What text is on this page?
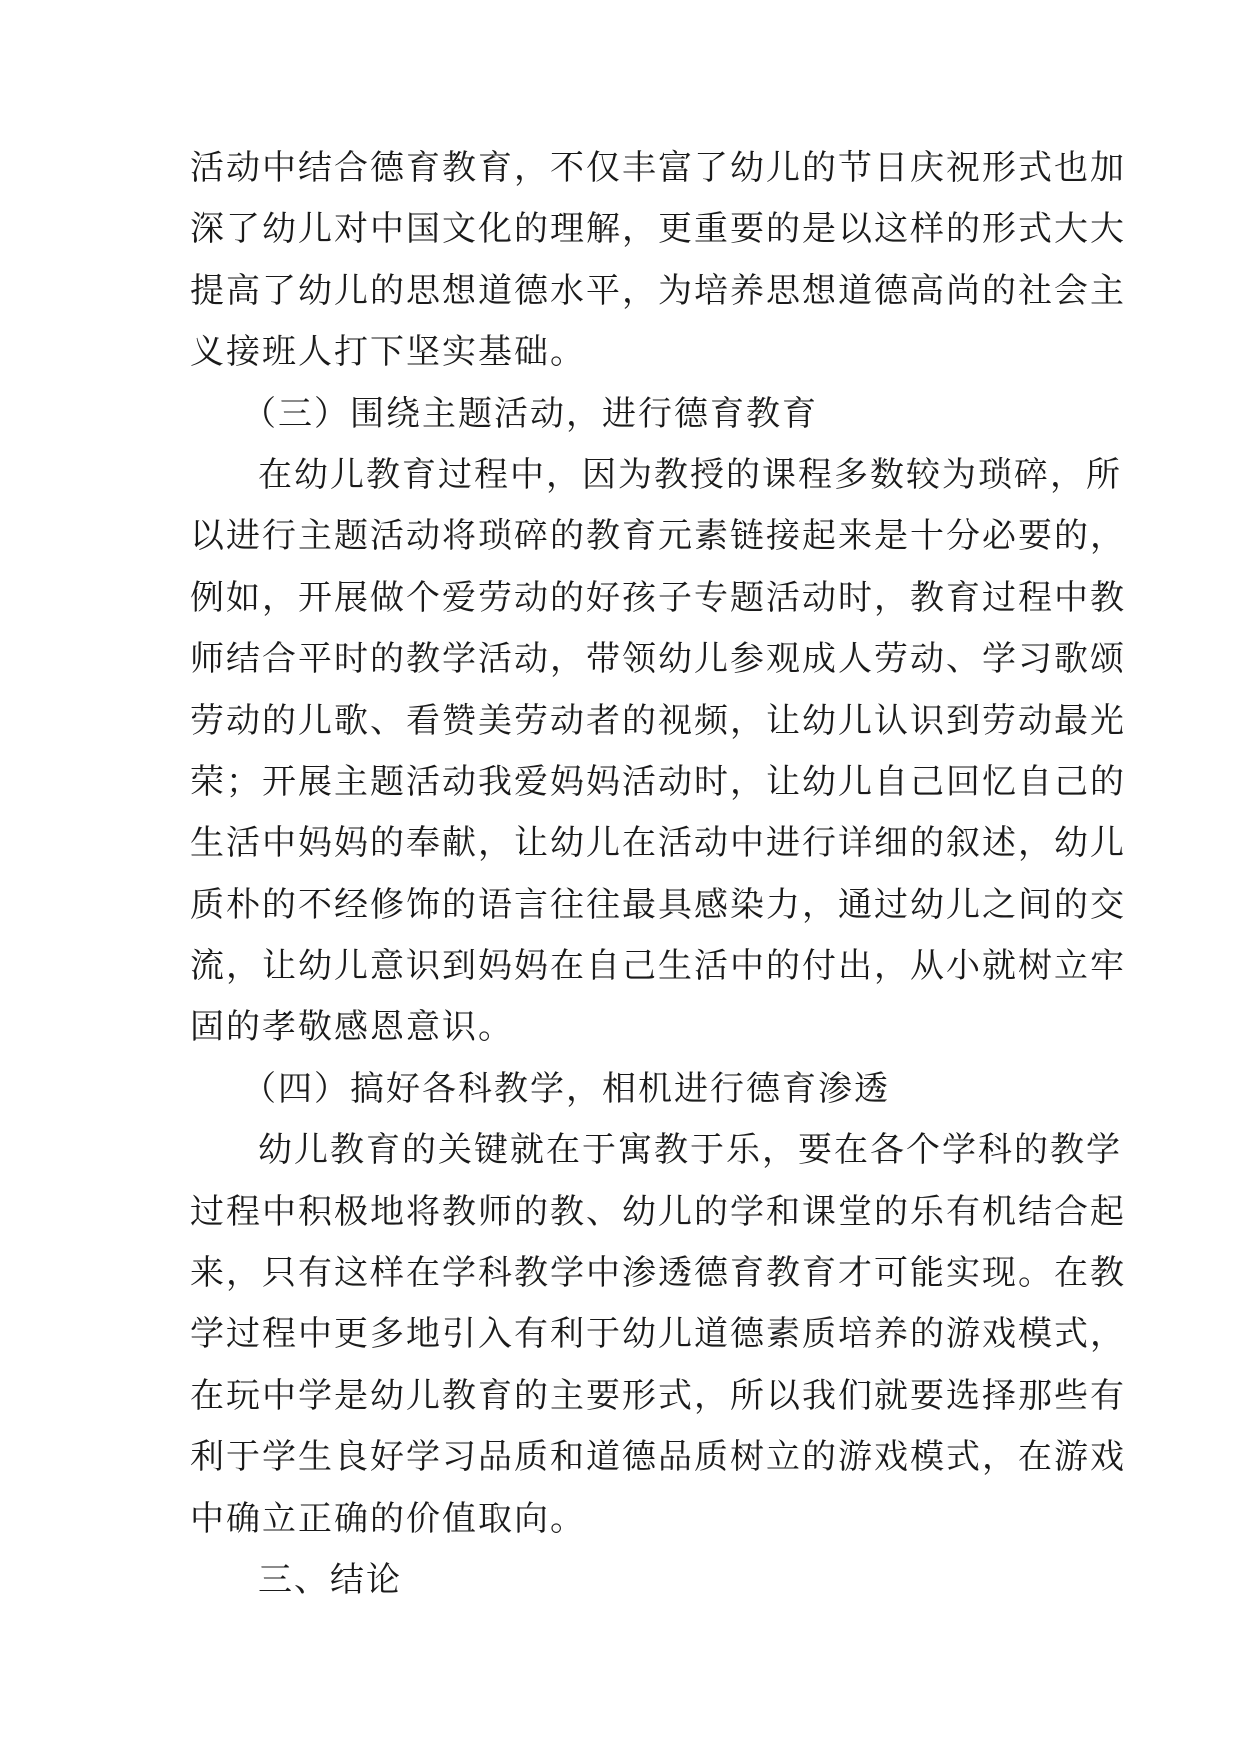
活动中结合德育教育，不仅丰富了幼儿的节日庆祝形式也加
深了幼儿对中国文化的理解，更重要的是以这样的形式大大
提高了幼儿的思想道德水平，为培养思想道德高尚的社会主
义接班人打下坚实基础。
（三）围绕主题活动，进行德育教育
在幼儿教育过程中，因为教授的课程多数较为琐碎，所
以进行主题活动将琐碎的教育元素链接起来是十分必要的，
例如，开展做个爱劳动的好孩子专题活动时，教育过程中教
师结合平时的教学活动，带领幼儿参观成人劳动、学习歌颂
劳动的儿歌、看赞美劳动者的视频，让幼儿认识到劳动最光
荣；开展主题活动我爱妈妈活动时，让幼儿自己回忆自己的
生活中妈妈的奉献，让幼儿在活动中进行详细的叙述，幼儿
质朴的不经修饰的语言往往最具感染力，通过幼儿之间的交
流，让幼儿意识到妈妈在自己生活中的付出，从小就树立牢
固的孝敬感恩意识。
（四）搞好各科教学，相机进行德育渗透
幼儿教育的关键就在于寓教于乐，要在各个学科的教学
过程中积极地将教师的教、幼儿的学和课堂的乐有机结合起
来，只有这样在学科教学中渗透德育教育才可能实现。在教
学过程中更多地引入有利于幼儿道德素质培养的游戏模式，
在玩中学是幼儿教育的主要形式，所以我们就要选择那些有
利于学生良好学习品质和道德品质树立的游戏模式，在游戏
中确立正确的价值取向。
三、结论
